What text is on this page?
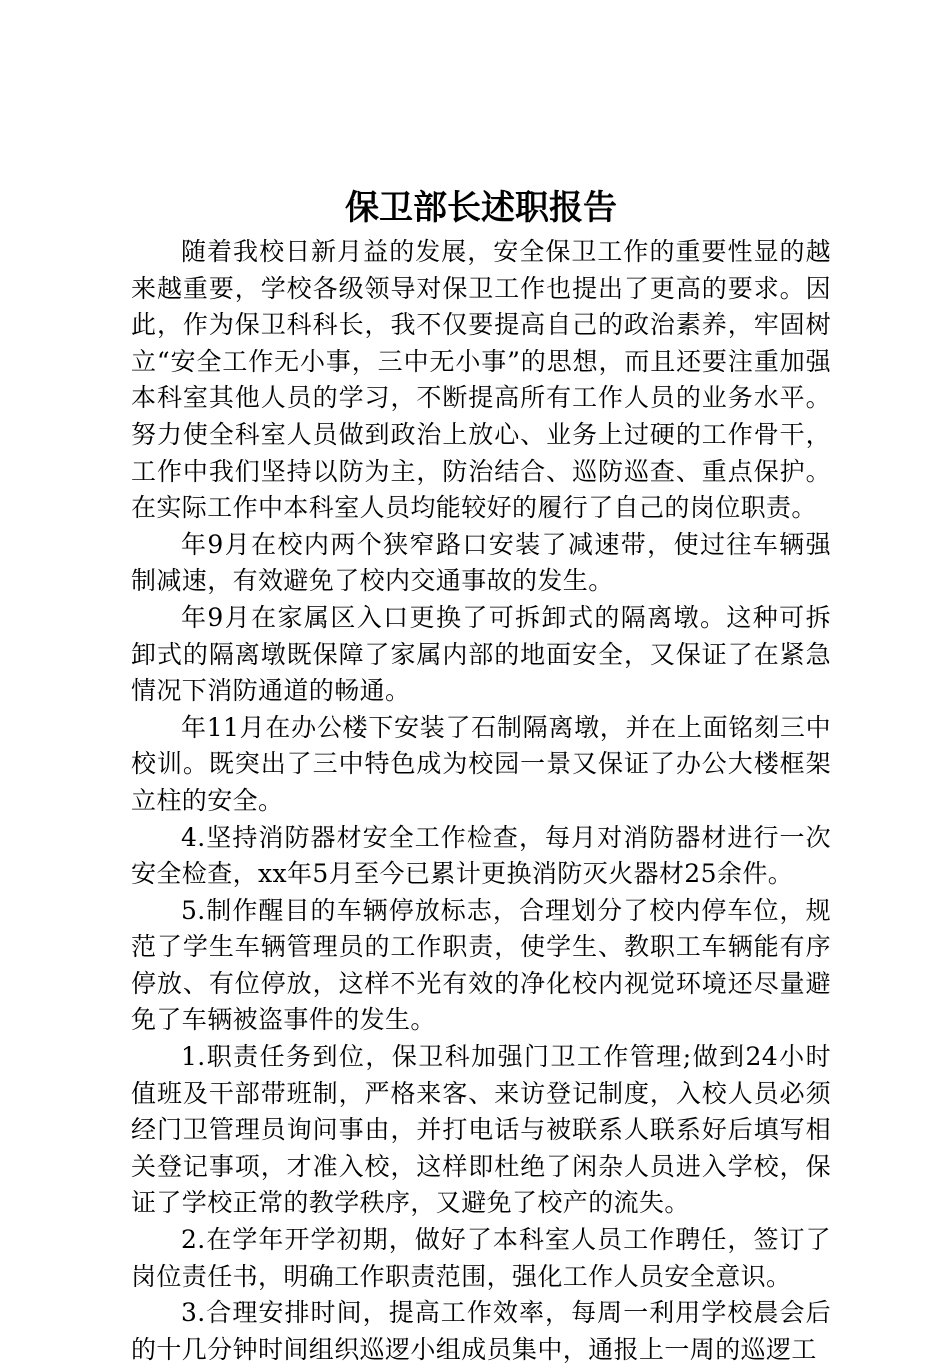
保卫部长述职报告

随着我校日新月益的发展，安全保卫工作的重要性显的越来越重要，学校各级领导对保卫工作也提出了更高的要求。因此，作为保卫科科长，我不仅要提高自己的政治素养，牢固树立“安全工作无小事，三中无小事”的思想，而且还要注重加强本科室其他人员的学习，不断提高所有工作人员的业务水平。努力使全科室人员做到政治上放心、业务上过硬的工作骨干，工作中我们坚持以防为主，防治结合、巡防巡查、重点保护。在实际工作中本科室人员均能较好的履行了自己的岗位职责。

年9月在校内两个狭窄路口安装了减速带，使过往车辆强制减速，有效避免了校内交通事故的发生。

年9月在家属区入口更换了可拆卸式的隔离墩。这种可拆卸式的隔离墩既保障了家属内部的地面安全，又保证了在紧急情况下消防通道的畅通。

年11月在办公楼下安装了石制隔离墩，并在上面铭刻三中校训。既突出了三中特色成为校园一景又保证了办公大楼框架立柱的安全。

4.坚持消防器材安全工作检查，每月对消防器材进行一次安全检查，xx年5月至今已累计更换消防灭火器材25余件。

5.制作醒目的车辆停放标志，合理划分了校内停车位，规范了学生车辆管理员的工作职责，使学生、教职工车辆能有序停放、有位停放，这样不光有效的净化校内视觉环境还尽量避免了车辆被盗事件的发生。

1.职责任务到位，保卫科加强门卫工作管理;做到24小时值班及干部带班制，严格来客、来访登记制度，入校人员必须经门卫管理员询问事由，并打电话与被联系人联系好后填写相关登记事项，才准入校，这样即杜绝了闲杂人员进入学校，保证了学校正常的教学秩序，又避免了校产的流失。

2.在学年开学初期，做好了本科室人员工作聘任，签订了岗位责任书，明确工作职责范围，强化工作人员安全意识。

3.合理安排时间，提高工作效率，每周一利用学校晨会后的十几分钟时间组织巡逻小组成员集中，通报上一周的巡逻工
